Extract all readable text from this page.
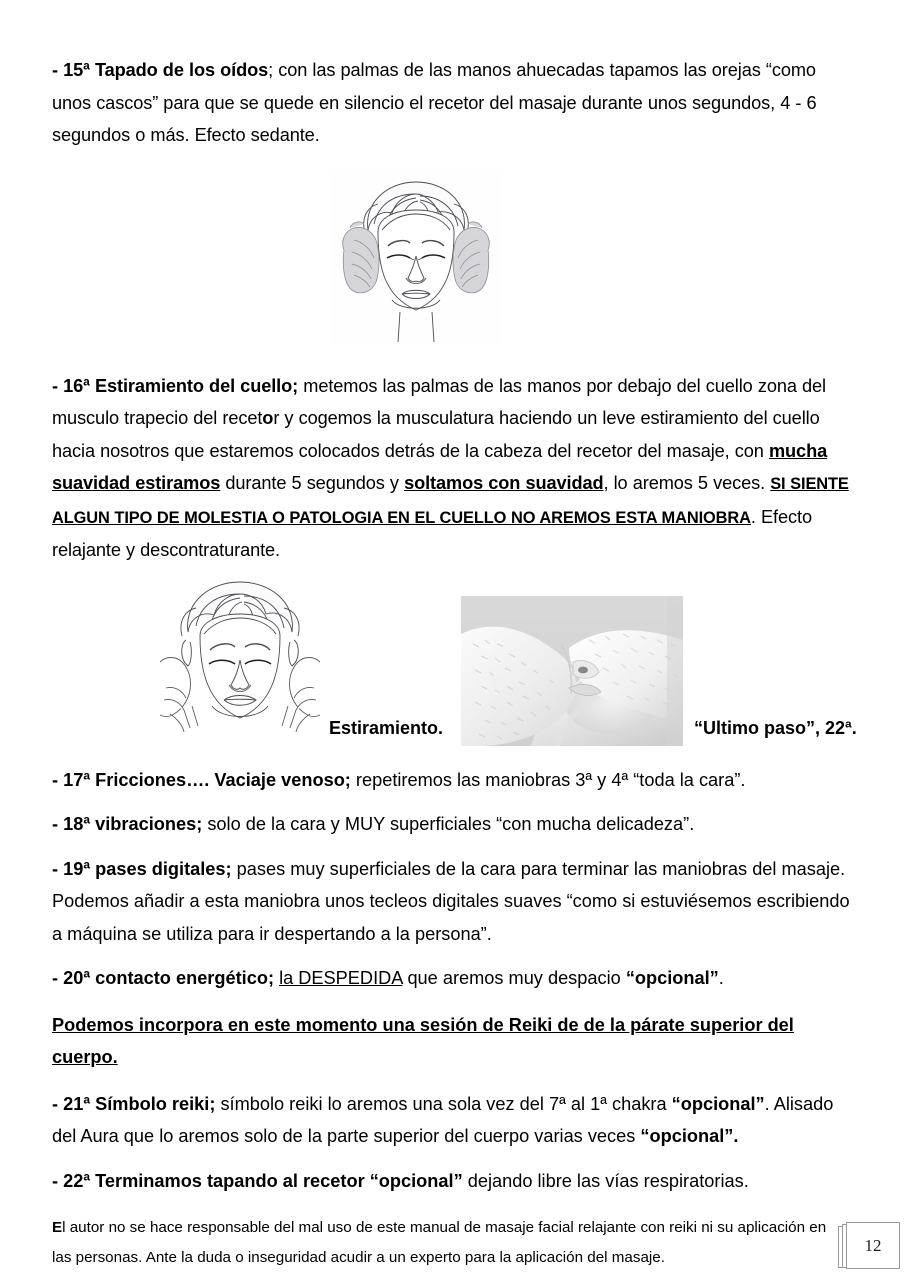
- 15ª Tapado de los oídos; con las palmas de las manos ahuecadas tapamos las orejas “como unos cascos” para que se quede en silencio el recetor del masaje durante unos segundos, 4 - 6 segundos o más. Efecto sedante.

- 16ª Estiramiento del cuello; metemos las palmas de las manos por debajo del cuello zona del musculo trapecio del recetor y cogemos la musculatura haciendo un leve estiramiento del cuello hacia nosotros que estaremos colocados detrás de la cabeza del recetor del masaje, con mucha suavidad estiramos durante 5 segundos y soltamos con suavidad, lo aremos 5 veces. SI SIENTE ALGUN TIPO DE MOLESTIA O PATOLOGIA EN EL CUELLO NO AREMOS ESTA MANIOBRA. Efecto relajante y descontraturante.

Estiramiento.	“Ultimo paso”, 22ª.

- 17ª Fricciones…. Vaciaje venoso; repetiremos las maniobras 3ª y 4ª “toda la cara”.

- 18ª vibraciones; solo de la cara y MUY superficiales “con mucha delicadeza”.

- 19ª pases digitales; pases muy superficiales de la cara para terminar las maniobras del masaje. Podemos añadir a esta maniobra unos tecleos digitales suaves “como si estuviésemos escribiendo a máquina se utiliza para ir despertando a la persona”.

- 20ª contacto energético; la DESPEDIDA que aremos muy despacio “opcional”.

Podemos incorpora en este momento una sesión de Reiki de de la párate superior del cuerpo.

- 21ª Símbolo reiki; símbolo reiki lo aremos una sola vez del 7ª al 1ª chakra “opcional”. Alisado del Aura que lo aremos solo de la parte superior del cuerpo varias veces “opcional”.

- 22ª Terminamos tapando al recetor “opcional” dejando libre las vías respiratorias.

El autor no se hace responsable del mal uso de este manual de masaje facial relajante con reiki ni su aplicación en las personas. Ante la duda o inseguridad acudir a un experto para la aplicación del masaje.

12
